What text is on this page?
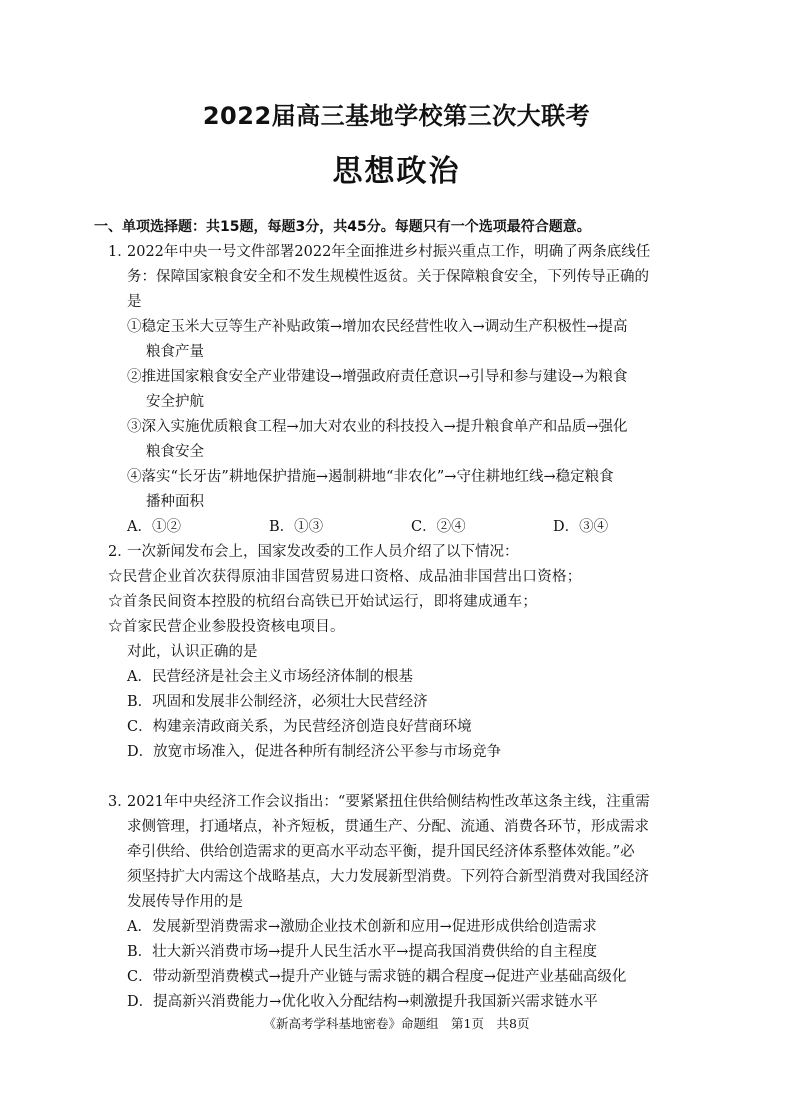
2022届高三基地学校第三次大联考
思想政治
一、单项选择题：共15题，每题3分，共45分。每题只有一个选项最符合题意。
1．2022年中央一号文件部署2022年全面推进乡村振兴重点工作，明确了两条底线任
务：保障国家粮食安全和不发生规模性返贫。关于保障粮食安全，下列传导正确的
是
①稳定玉米大豆等生产补贴政策→增加农民经营性收入→调动生产积极性→提高
粮食产量
②推进国家粮食安全产业带建设→增强政府责任意识→引导和参与建设→为粮食
安全护航
③深入实施优质粮食工程→加大对农业的科技投入→提升粮食单产和品质→强化
粮食安全
④落实“长牙齿”耕地保护措施→遏制耕地“非农化”→守住耕地红线→稳定粮食
播种面积
A．①②	B．①③	C．②④	D．③④
2．一次新闻发布会上，国家发改委的工作人员介绍了以下情况：
☆民营企业首次获得原油非国营贸易进口资格、成品油非国营出口资格；
☆首条民间资本控股的杭绍台高铁已开始试运行，即将建成通车；
☆首家民营企业参股投资核电项目。
对此，认识正确的是
A．民营经济是社会主义市场经济体制的根基
B．巩固和发展非公制经济，必须壮大民营经济
C．构建亲清政商关系，为民营经济创造良好营商环境
D．放宽市场准入，促进各种所有制经济公平参与市场竞争
3．2021年中央经济工作会议指出：“要紧紧扭住供给侧结构性改革这条主线，注重需
求侧管理，打通堵点，补齐短板，贯通生产、分配、流通、消费各环节，形成需求
牵引供给、供给创造需求的更高水平动态平衡，提升国民经济体系整体效能。”必
须坚持扩大内需这个战略基点，大力发展新型消费。下列符合新型消费对我国经济
发展传导作用的是
A．发展新型消费需求→激励企业技术创新和应用→促进形成供给创造需求
B．壮大新兴消费市场→提升人民生活水平→提高我国消费供给的自主程度
C．带动新型消费模式→提升产业链与需求链的耦合程度→促进产业基础高级化
D．提高新兴消费能力→优化收入分配结构→刺激提升我国新兴需求链水平
《新高考学科基地密卷》命题组　第1页　共8页
